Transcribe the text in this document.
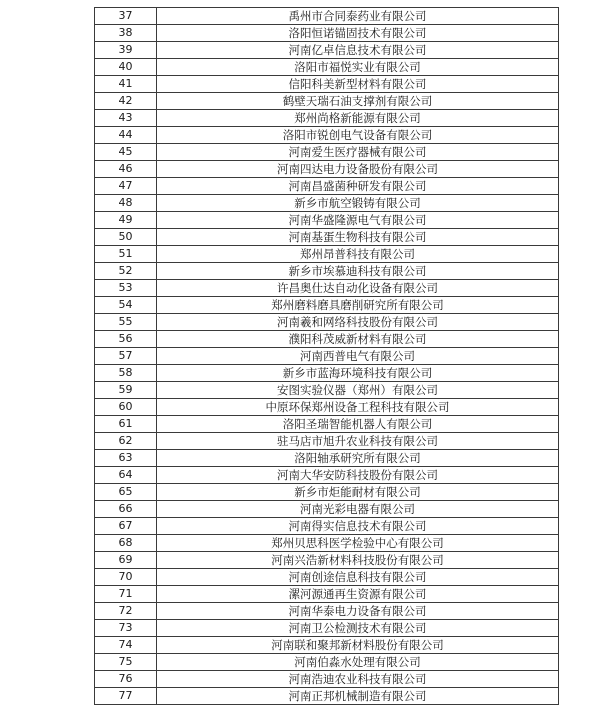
37	禹州市合同泰药业有限公司
38	洛阳恒诺锚固技术有限公司
39	河南亿卓信息技术有限公司
40	洛阳市福悦实业有限公司
41	信阳科美新型材料有限公司
42	鹤壁天瑞石油支撑剂有限公司
43	郑州尚格新能源有限公司
44	洛阳市锐创电气设备有限公司
45	河南爱生医疗器械有限公司
46	河南四达电力设备股份有限公司
47	河南昌盛菌种研发有限公司
48	新乡市航空锻铸有限公司
49	河南华盛隆源电气有限公司
50	河南基蛋生物科技有限公司
51	郑州昂普科技有限公司
52	新乡市埃慕迪科技有限公司
53	许昌奥仕达自动化设备有限公司
54	郑州磨料磨具磨削研究所有限公司
55	河南羲和网络科技股份有限公司
56	濮阳科茂威新材料有限公司
57	河南西普电气有限公司
58	新乡市蓝海环境科技有限公司
59	安图实验仪器（郑州）有限公司
60	中原环保郑州设备工程科技有限公司
61	洛阳圣瑞智能机器人有限公司
62	驻马店市旭升农业科技有限公司
63	洛阳轴承研究所有限公司
64	河南大华安防科技股份有限公司
65	新乡市炬能耐材有限公司
66	河南光彩电器有限公司
67	河南得实信息技术有限公司
68	郑州贝思科医学检验中心有限公司
69	河南兴浩新材料科技股份有限公司
70	河南创途信息科技有限公司
71	漯河源通再生资源有限公司
72	河南华泰电力设备有限公司
73	河南卫公检测技术有限公司
74	河南联和聚邦新材料股份有限公司
75	河南伯淼水处理有限公司
76	河南浩迪农业科技有限公司
77	河南正邦机械制造有限公司
